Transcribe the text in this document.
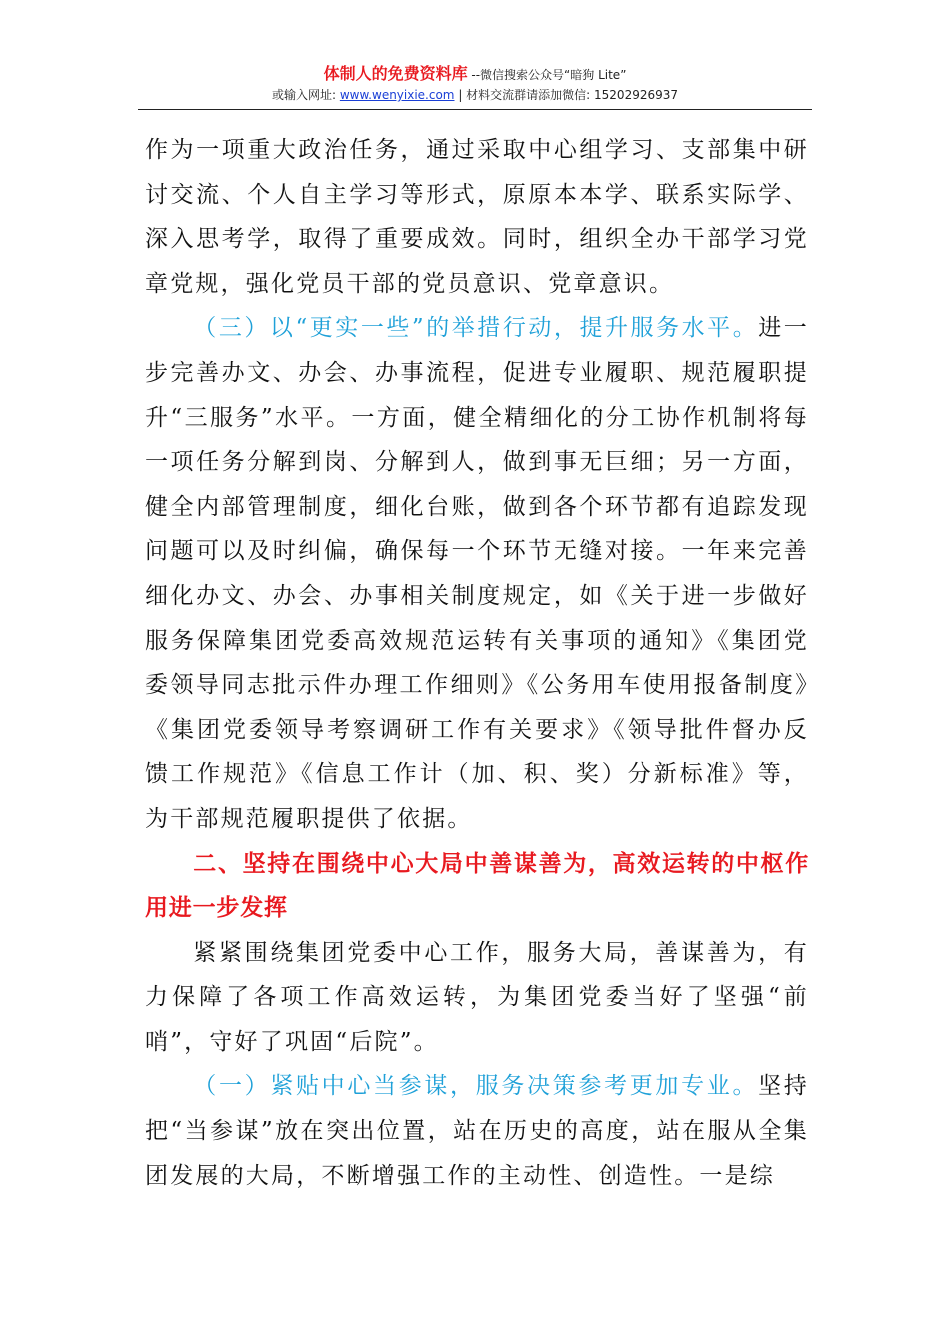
体制人的免费资料库 --微信搜索公众号“暗狗 Lite”
或输入网址: www.wenyixie.com | 材料交流群请添加微信: 15202926937

作为一项重大政治任务，通过采取中心组学习、支部集中研讨交流、个人自主学习等形式，原原本本学、联系实际学、深入思考学，取得了重要成效。同时，组织全办干部学习党章党规，强化党员干部的党员意识、党章意识。

（三）以“更实一些”的举措行动，提升服务水平。进一步完善办文、办会、办事流程，促进专业履职、规范履职提升“三服务”水平。一方面，健全精细化的分工协作机制将每一项任务分解到岗、分解到人，做到事无巨细；另一方面，健全内部管理制度，细化台账，做到各个环节都有追踪发现问题可以及时纠偏，确保每一个环节无缝对接。一年来完善细化办文、办会、办事相关制度规定，如《关于进一步做好服务保障集团党委高效规范运转有关事项的通知》《集团党委领导同志批示件办理工作细则》《公务用车使用报备制度》《集团党委领导考察调研工作有关要求》《领导批件督办反馈工作规范》《信息工作计（加、积、奖）分新标准》等，为干部规范履职提供了依据。

二、坚持在围绕中心大局中善谋善为，高效运转的中枢作用进一步发挥

紧紧围绕集团党委中心工作，服务大局，善谋善为，有力保障了各项工作高效运转，为集团党委当好了坚强“前哨”，守好了巩固“后院”。

（一）紧贴中心当参谋，服务决策参考更加专业。坚持把“当参谋”放在突出位置，站在历史的高度，站在服从全集团发展的大局，不断增强工作的主动性、创造性。一是综
